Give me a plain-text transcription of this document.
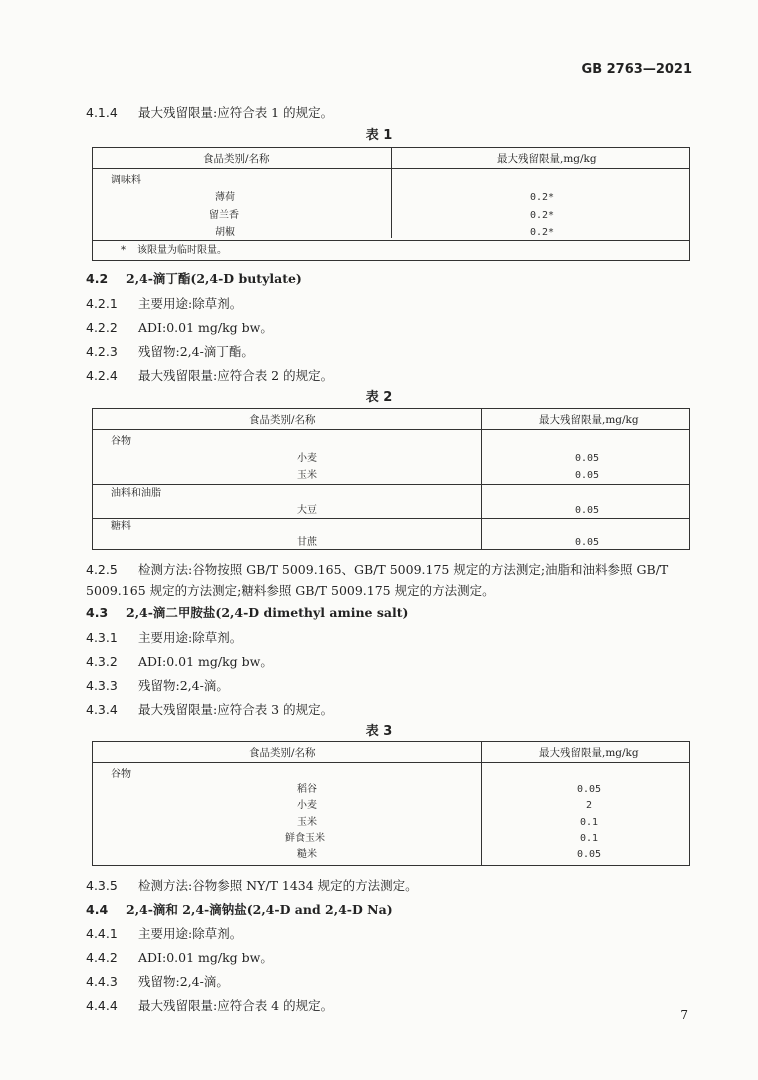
GB 2763—2021
4.1.4 最大残留限量:应符合表 1 的规定。
表 1
食品类别/名称	最大残留限量,mg/kg
调味料
薄荷	0.2*
留兰香	0.2*
胡椒	0.2*
* 该限量为临时限量。
4.2 2,4-滴丁酯(2,4-D butylate)
4.2.1 主要用途:除草剂。
4.2.2 ADI:0.01 mg/kg bw。
4.2.3 残留物:2,4-滴丁酯。
4.2.4 最大残留限量:应符合表 2 的规定。
表 2
食品类别/名称	最大残留限量,mg/kg
谷物
小麦	0.05
玉米	0.05
油料和油脂
大豆	0.05
糖料
甘蔗	0.05
4.2.5 检测方法:谷物按照 GB/T 5009.165、GB/T 5009.175 规定的方法测定;油脂和油料参照 GB/T
5009.165 规定的方法测定;糖料参照 GB/T 5009.175 规定的方法测定。
4.3 2,4-滴二甲胺盐(2,4-D dimethyl amine salt)
4.3.1 主要用途:除草剂。
4.3.2 ADI:0.01 mg/kg bw。
4.3.3 残留物:2,4-滴。
4.3.4 最大残留限量:应符合表 3 的规定。
表 3
食品类别/名称	最大残留限量,mg/kg
谷物
稻谷	0.05
小麦	2
玉米	0.1
鲜食玉米	0.1
糙米	0.05
4.3.5 检测方法:谷物参照 NY/T 1434 规定的方法测定。
4.4 2,4-滴和 2,4-滴钠盐(2,4-D and 2,4-D Na)
4.4.1 主要用途:除草剂。
4.4.2 ADI:0.01 mg/kg bw。
4.4.3 残留物:2,4-滴。
4.4.4 最大残留限量:应符合表 4 的规定。
7
